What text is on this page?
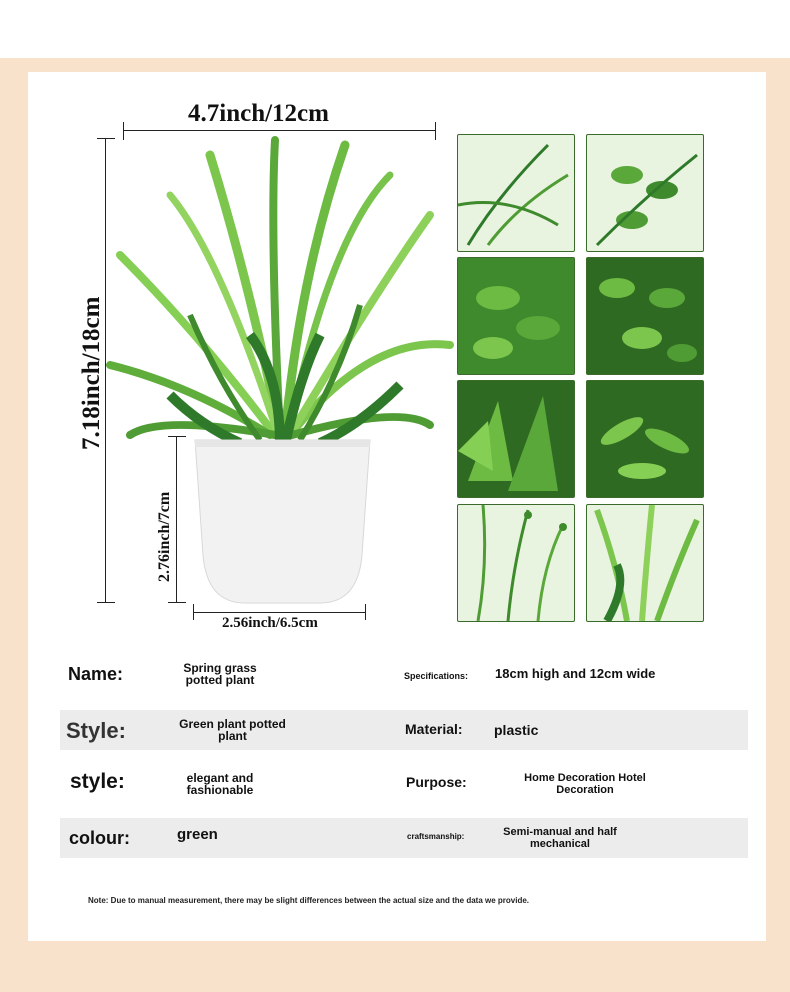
4.7inch/12cm
7.18inch/18cm
2.76inch/7cm
2.56inch/6.5cm
Name:	Spring grass potted plant	Specifications: 18cm high and 12cm wide
Style:	Green plant potted plant	Material: plastic
style:	elegant and fashionable	Purpose:	Home Decoration Hotel Decoration
colour:	green	craftsmanship:	Semi-manual and half mechanical
Note: Due to manual measurement, there may be slight differences between the actual size and the data we provide.
